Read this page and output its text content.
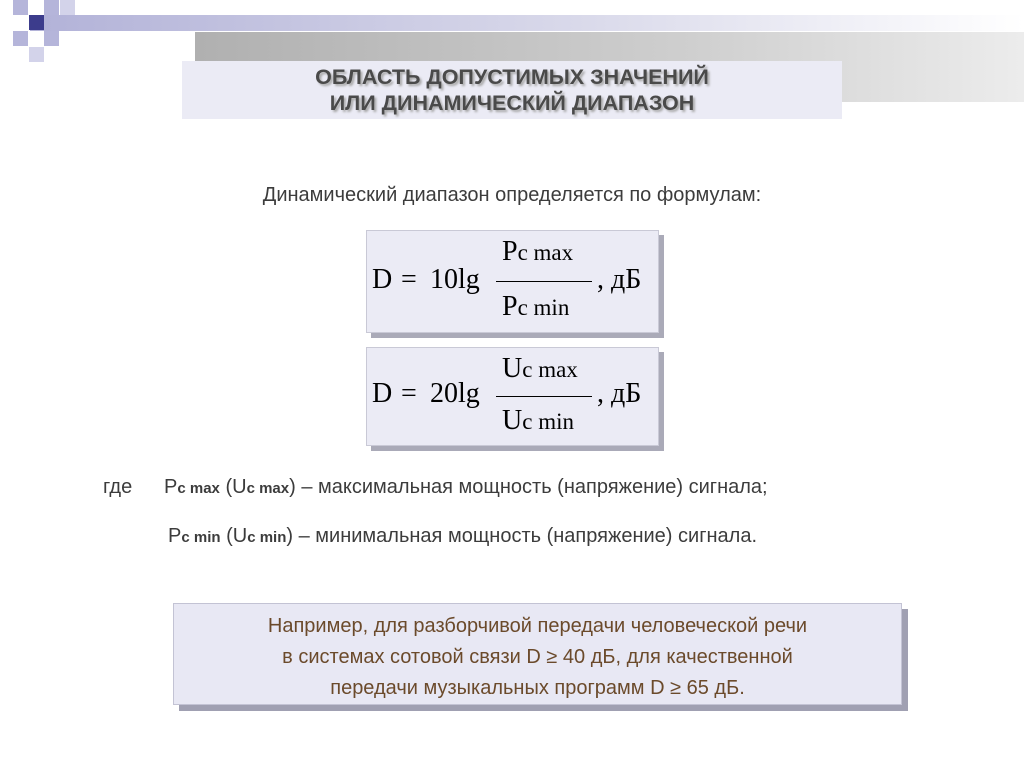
ОБЛАСТЬ ДОПУСТИМЫХ ЗНАЧЕНИЙ
ИЛИ ДИНАМИЧЕСКИЙ ДИАПАЗОН
Динамический диапазон определяется по формулам:
D = 10lg
Pc max
Pc min
, дБ
D = 20lg
Uc max
Uc min
, дБ
где Pc max (Uc max) – максимальная мощность (напряжение) сигнала;
Pc min (Uc min) – минимальная мощность (напряжение) сигнала.
Например, для разборчивой передачи человеческой речи
в системах сотовой связи D ≥ 40 дБ, для качественной
передачи музыкальных программ D ≥ 65 дБ.
